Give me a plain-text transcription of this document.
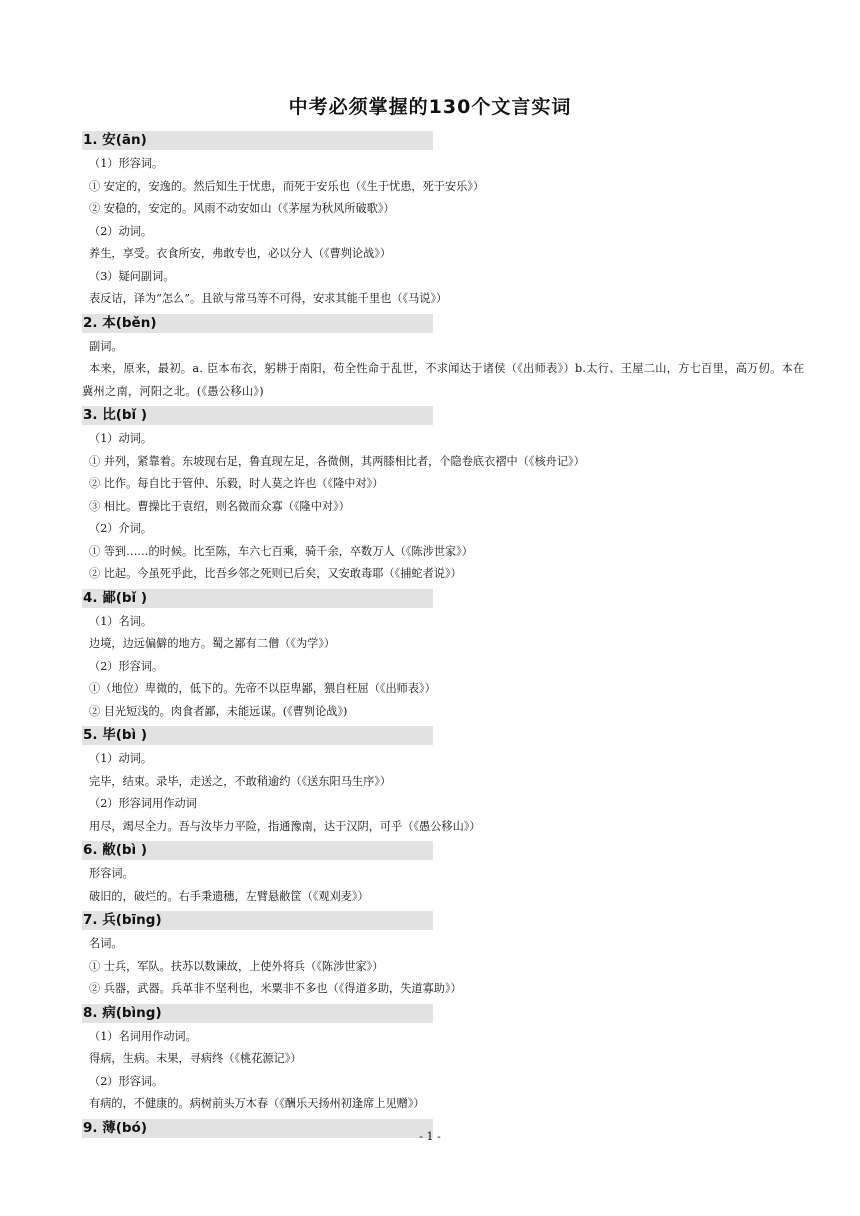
中考必须掌握的130个文言实词
1. 安(ān)
（1）形容词。
① 安定的，安逸的。然后知生于忧患，而死于安乐也（《生于忧患，死于安乐》）
② 安稳的，安定的。风雨不动安如山（《茅屋为秋风所破歌》）
（2）动词。
养生，享受。衣食所安，弗敢专也，必以分人（《曹刿论战》）
（3）疑问副词。
表反诘，译为“怎么”。且欲与常马等不可得，安求其能千里也（《马说》）
2. 本(běn)
副词。
本来，原来，最初。a. 臣本布衣，躬耕于南阳，苟全性命于乱世，不求闻达于诸侯（《出师表》）b.太行、王屋二山，方七百里，高万仞。本在冀州之南，河阳之北。(《愚公移山》)
3. 比(bǐ )
（1）动词。
① 并列，紧靠着。东坡现右足，鲁直现左足，各微侧，其两膝相比者，个隐卷底衣褶中（《核舟记》）
② 比作。每自比于管仲、乐毅，时人莫之许也（《隆中对》）
③ 相比。曹操比于袁绍，则名微而众寡（《隆中对》）
（2）介词。
① 等到……的时候。比至陈，车六七百乘，骑千余，卒数万人（《陈涉世家》）
② 比起。今虽死乎此，比吾乡邻之死则已后矣，又安敢毒耶（《捕蛇者说》）
4. 鄙(bǐ )
（1）名词。
边境，边远偏僻的地方。蜀之鄙有二僧（《为学》）
（2）形容词。
①（地位）卑微的，低下的。先帝不以臣卑鄙，猥自枉屈（《出师表》）
② 目光短浅的。肉食者鄙，未能远谋。(《曹刿论战》)
5. 毕(bì )
（1）动词。
完毕，结束。录毕，走送之，不敢稍逾约（《送东阳马生序》）
（2）形容词用作动词
用尽，竭尽全力。吾与汝毕力平险，指通豫南，达于汉阴，可乎（《愚公移山》）
6. 敝(bì )
形容词。
破旧的，破烂的。右手秉遗穗，左臂悬敝筐（《观刈麦》）
7. 兵(bīng)
名词。
① 士兵，军队。扶苏以数谏故，上使外将兵（《陈涉世家》）
② 兵器，武器。兵革非不坚利也，米粟非不多也（《得道多助，失道寡助》）
8. 病(bìng)
（1）名词用作动词。
得病，生病。未果，寻病终（《桃花源记》）
（2）形容词。
有病的，不健康的。病树前头万木春（《酬乐天扬州初逢席上见赠》）
9. 薄(bó)
- 1 -
